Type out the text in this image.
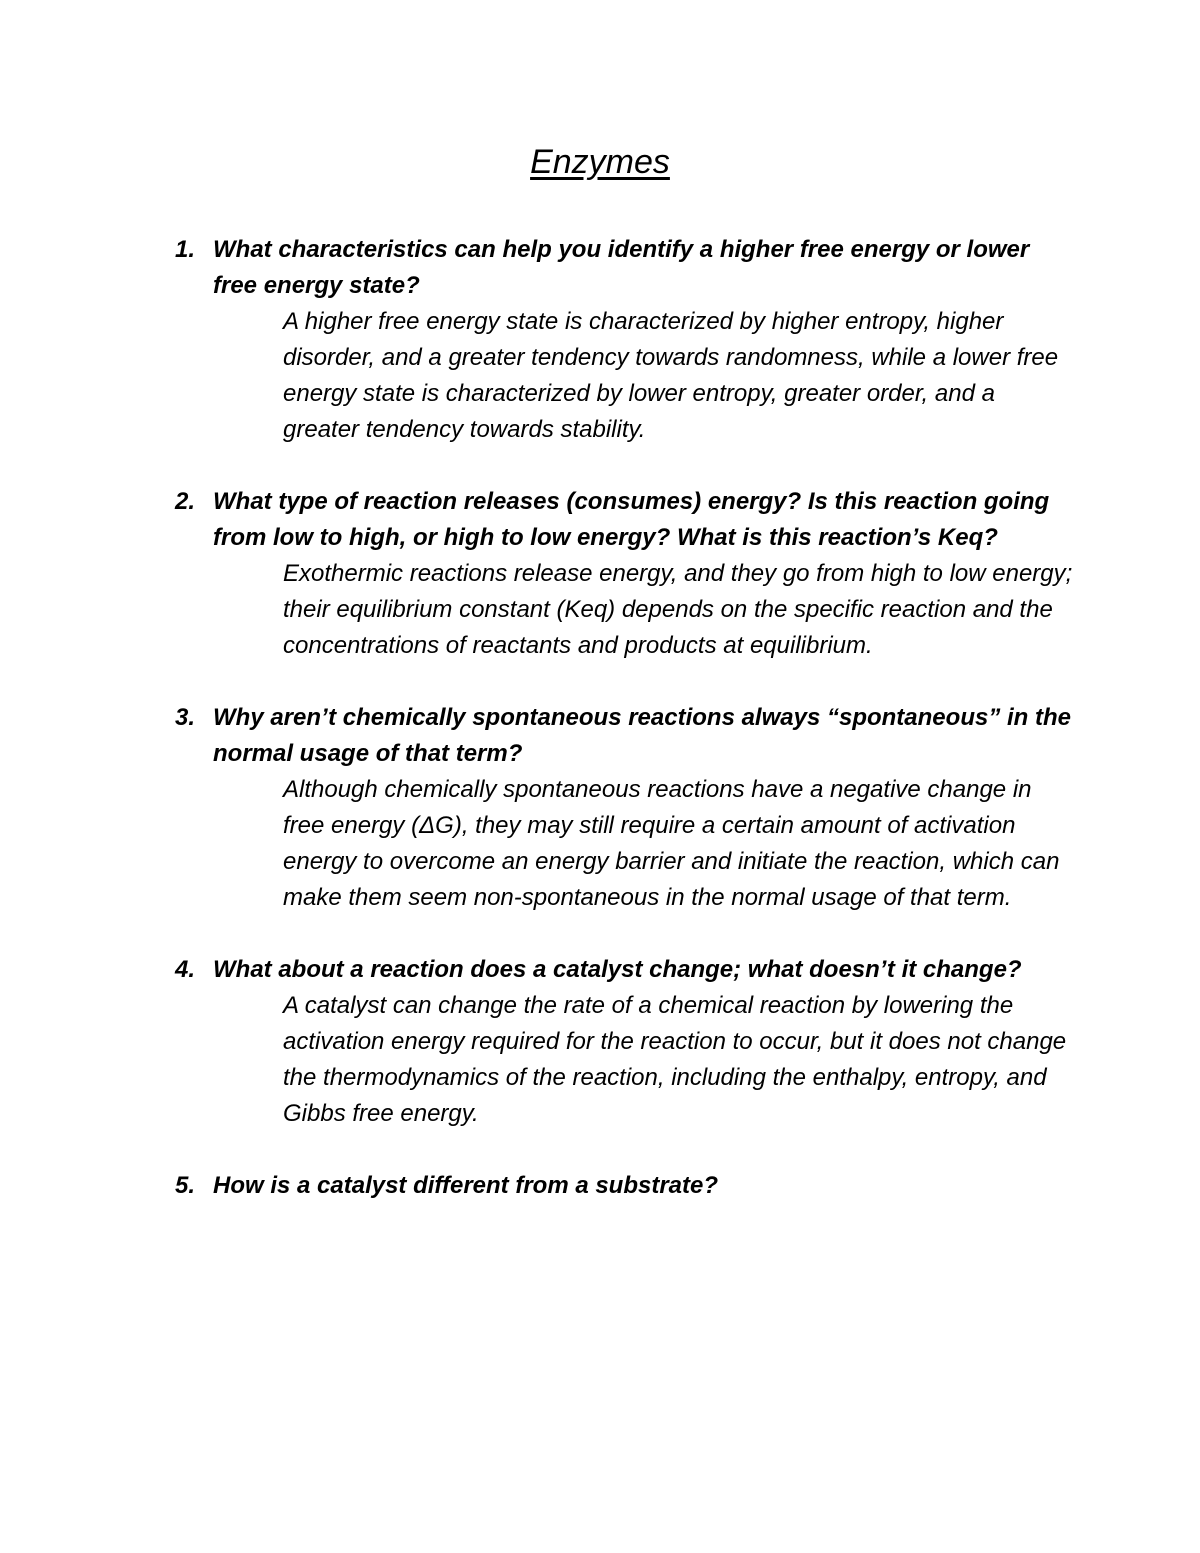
Enzymes
1. What characteristics can help you identify a higher free energy or lower free energy state?
A higher free energy state is characterized by higher entropy, higher disorder, and a greater tendency towards randomness, while a lower free energy state is characterized by lower entropy, greater order, and a greater tendency towards stability.
2. What type of reaction releases (consumes) energy? Is this reaction going from low to high, or high to low energy? What is this reaction’s Keq?
Exothermic reactions release energy, and they go from high to low energy; their equilibrium constant (Keq) depends on the specific reaction and the concentrations of reactants and products at equilibrium.
3. Why aren’t chemically spontaneous reactions always “spontaneous” in the normal usage of that term?
Although chemically spontaneous reactions have a negative change in free energy (ΔG), they may still require a certain amount of activation energy to overcome an energy barrier and initiate the reaction, which can make them seem non-spontaneous in the normal usage of that term.
4. What about a reaction does a catalyst change; what doesn’t it change?
A catalyst can change the rate of a chemical reaction by lowering the activation energy required for the reaction to occur, but it does not change the thermodynamics of the reaction, including the enthalpy, entropy, and Gibbs free energy.
5. How is a catalyst different from a substrate?
